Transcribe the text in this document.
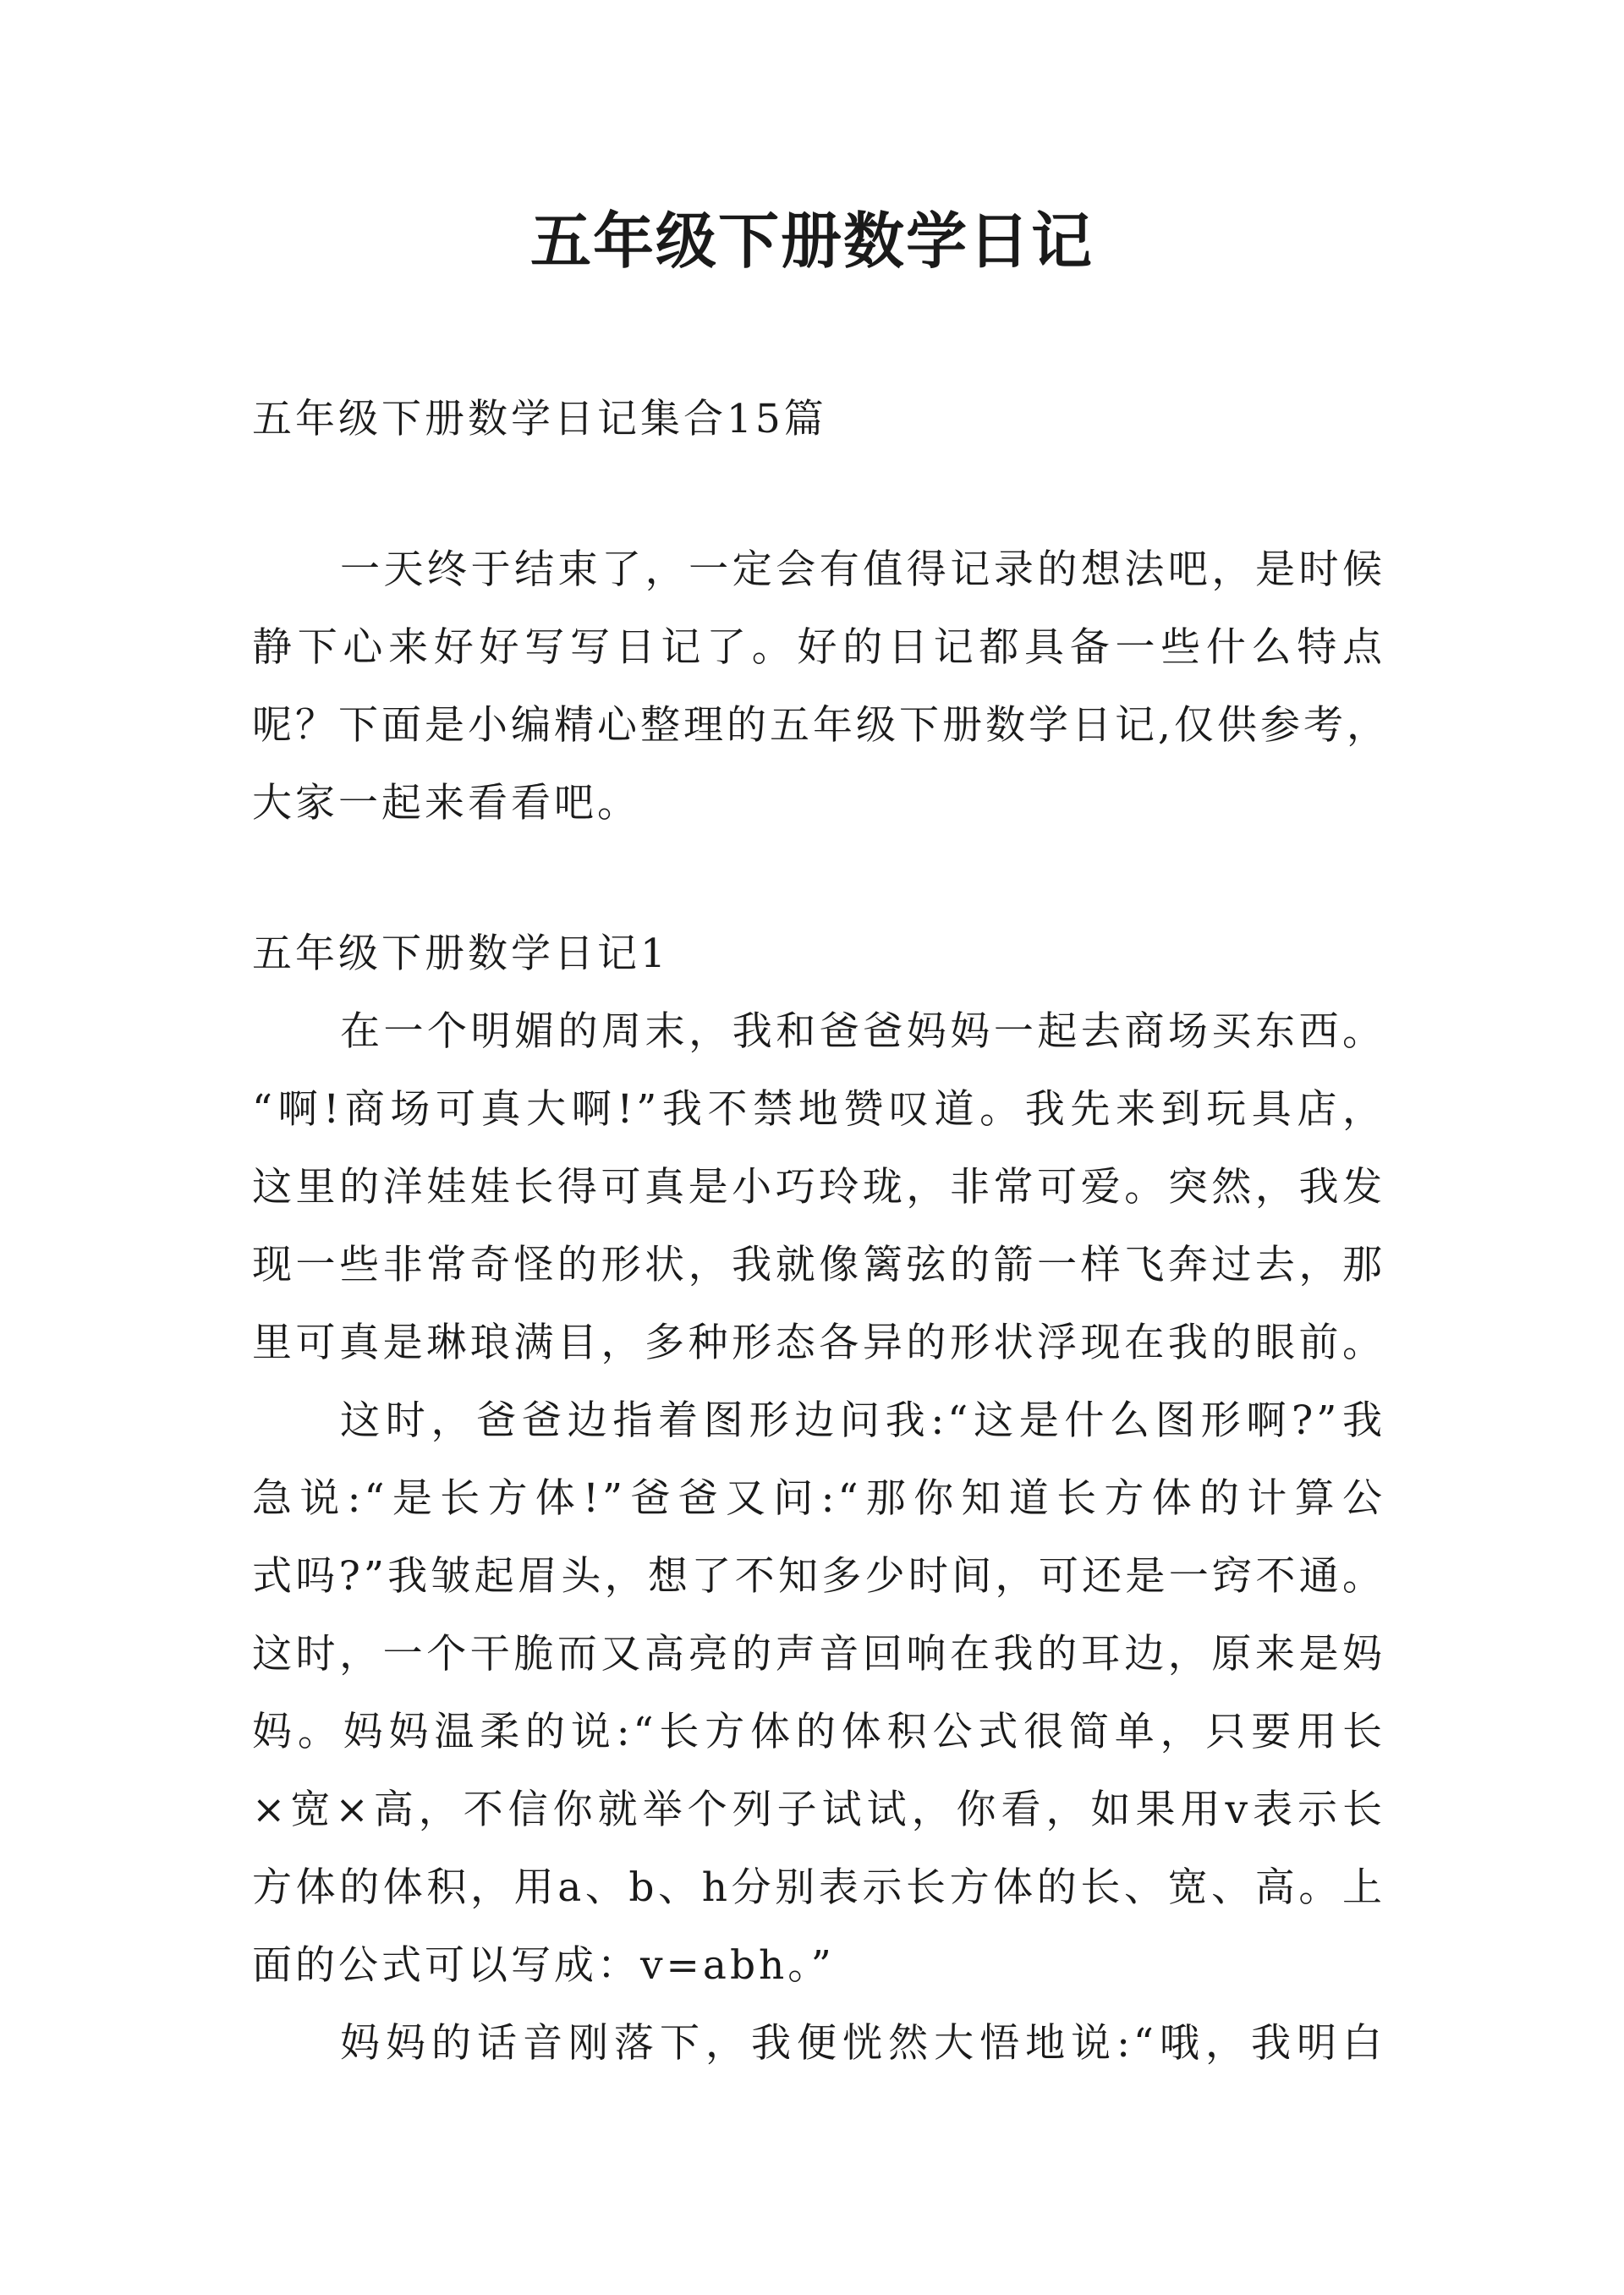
五年级下册数学日记
五年级下册数学日记集合15篇
一天终于结束了，一定会有值得记录的想法吧，是时候
静下心来好好写写日记了。好的日记都具备一些什么特点
呢？下面是小编精心整理的五年级下册数学日记,仅供参考，
大家一起来看看吧。
五年级下册数学日记1
在一个明媚的周末，我和爸爸妈妈一起去商场买东西。
“啊!商场可真大啊!”我不禁地赞叹道。我先来到玩具店，
这里的洋娃娃长得可真是小巧玲珑，非常可爱。突然，我发
现一些非常奇怪的形状，我就像篱弦的箭一样飞奔过去，那
里可真是琳琅满目，多种形态各异的形状浮现在我的眼前。
这时，爸爸边指着图形边问我:“这是什么图形啊?”我
急说:“是长方体!”爸爸又问:“那你知道长方体的计算公
式吗?”我皱起眉头，想了不知多少时间，可还是一窍不通。
这时，一个干脆而又高亮的声音回响在我的耳边，原来是妈
妈。妈妈温柔的说:“长方体的体积公式很简单，只要用长
×宽×高，不信你就举个列子试试，你看，如果用v表示长
方体的体积，用a、b、h分别表示长方体的长、宽、高。上
面的公式可以写成：v=abh。”
妈妈的话音刚落下，我便恍然大悟地说:“哦，我明白
